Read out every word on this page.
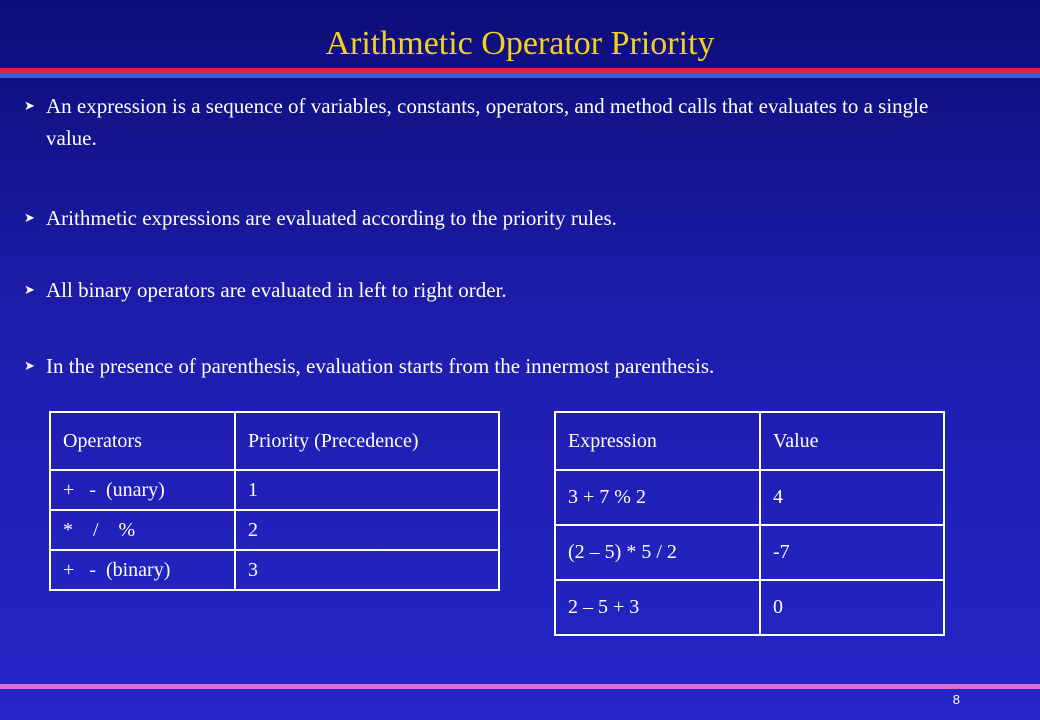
Arithmetic Operator Priority
➤ An expression is a sequence of variables, constants, operators, and method calls that evaluates to a single value.
➤ Arithmetic expressions are evaluated according to the priority rules.
➤ All binary operators are evaluated in left to right order.
➤ In the presence of parenthesis, evaluation starts from the innermost parenthesis.
Operators	Priority (Precedence)
+   -  (unary)	1
*    /    %	2
+   -  (binary)	3
Expression	Value
3 + 7 % 2	4
(2 – 5) * 5 / 2	-7
2 – 5 + 3	0
8
